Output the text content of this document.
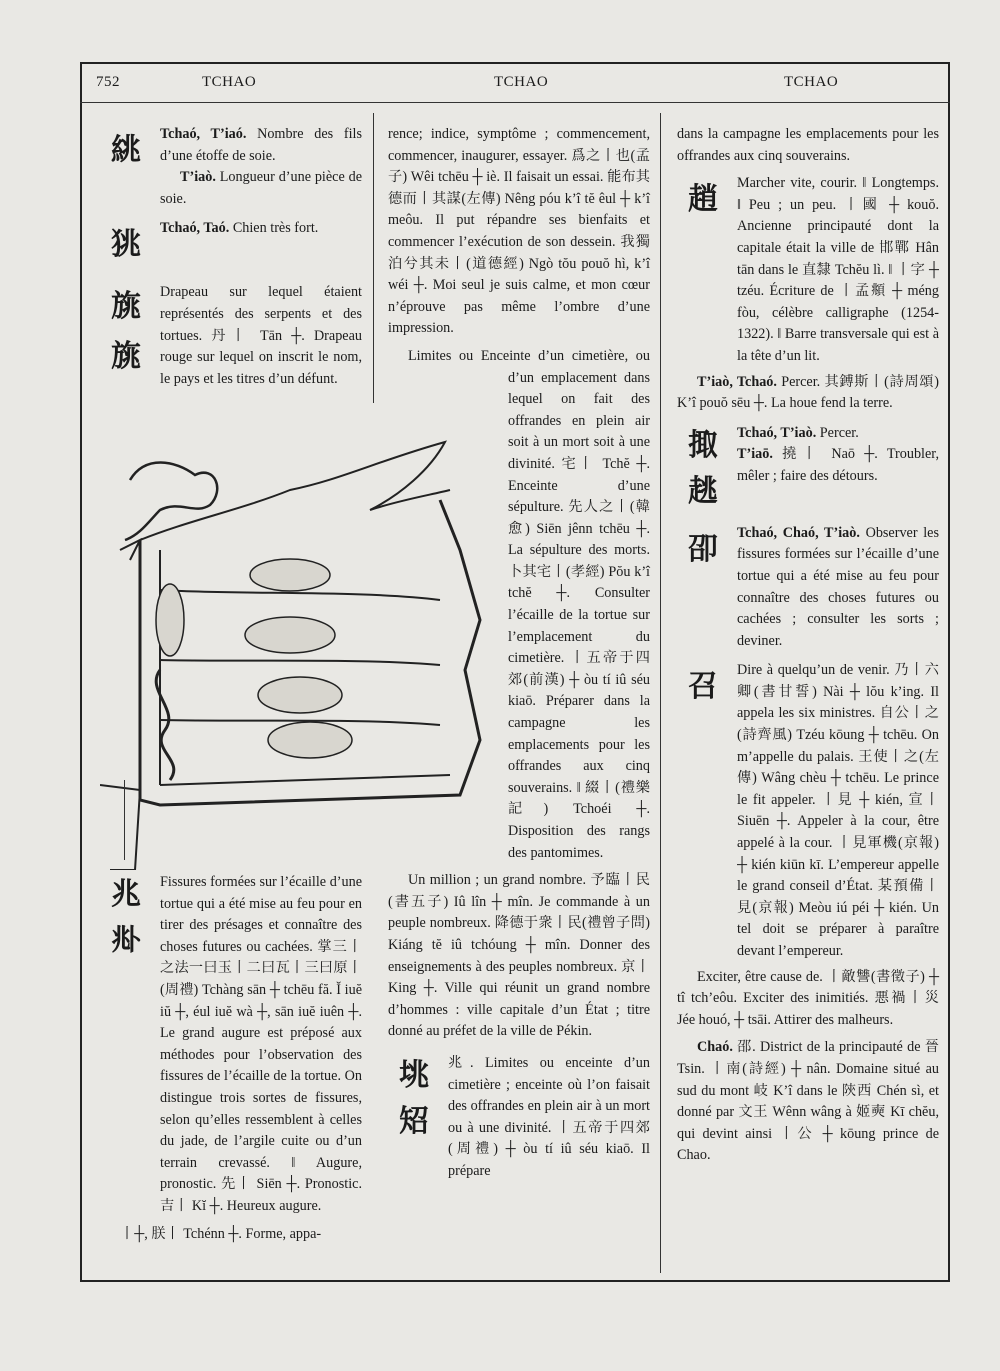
752	TCHAO	TCHAO	TCHAO
絩	Tchaó, T’iaó. Nombre des fils d’une étoffe de soie.
T’iaò. Longueur d’une pièce de soie.
狣	Tchaó, Taó. Chien très fort.
旐旐
Drapeau sur lequel étaient représentés des serpents et des tortues. 丹丨 Tān ┼. Drapeau rouge sur lequel on inscrit le nom, le pays et les titres d’un défunt.
兆𠧞
Fissures formées sur l’écaille d’une tortue qui a été mise au feu pour en tirer des présages et connaître des choses futures ou cachées. 掌三丨之法一曰玉丨二曰瓦丨三曰原丨(周禮) Tchàng sān ┼ tchēu fă. Ĭ iuĕ iŭ ┼, éul iuĕ wà ┼, sān iuĕ iuên ┼. Le grand augure est préposé aux méthodes pour l’observation des fissures de l’écaille de la tortue. On distingue trois sortes de fissures, selon qu’elles ressemblent à celles du jade, de l’argile cuite ou d’un terrain crevassé. ‖ Augure, pronostic. 先丨 Siēn ┼. Pronostic. 吉丨 Kĭ ┼. Heureux augure.
丨┼, 朕丨 Tchénn ┼. Forme, appa-

rence; indice, symptôme ; commencement, commencer, inaugurer, essayer. 爲之丨也(孟子) Wêi tchēu ┼ iè. Il faisait un essai. 能布其德而丨其謀(左傳) Nêng póu k’î tĕ êul ┼ k’î meôu. Il put répandre ses bienfaits et commencer l’exécution de son dessein. 我獨泊兮其未丨(道德經) Ngò tŏu pouŏ hì, k’î wéi ┼. Moi seul je suis calme, et mon cœur n’éprouve pas même l’ombre d’une impression.

Limites ou Enceinte d’un cimetière, ou d’un emplacement dans lequel on fait des offrandes en plein air soit à un mort soit à une divinité. 宅丨 Tchĕ ┼. Enceinte d’une sépulture. 先人之丨(韓愈) Siēn jênn tchēu ┼. La sépulture des morts. 卜其宅丨(孝經) Pŏu k’î tchĕ ┼. Consulter l’écaille de la tortue sur l’emplacement du cimetière. 丨五帝于四郊(前漢) ┼ òu tí iû séu kiaō. Préparer dans la campagne les emplacements pour les offrandes aux cinq souverains. ‖ 綴丨(禮樂記) Tchoéi ┼. Disposition des rangs des pantomimes.

Un million ; un grand nombre. 予臨丨民(書五子) Iû lîn ┼ mîn. Je commande à un peuple nombreux. 降德于衆丨民(禮曾子問) Kiáng tĕ iû tchóung ┼ mîn. Donner des enseignements à des peuples nombreux. 京丨 King ┼. Ville qui réunit un grand nombre d’hommes : ville capitale d’un État ; titre donné au préfet de la ville de Pékin.

垗䂏
兆. Limites ou enceinte d’un cimetière ; enceinte où l’on faisait des offrandes en plein air à un mort ou à une divinité. 丨五帝于四郊(周禮) ┼ òu tí iû séu kiaō. Il prépare

dans la campagne les emplacements pour les offrandes aux cinq souverains.

趙	Marcher vite, courir. ‖ Longtemps. ‖ Peu ; un peu. 丨國 ┼ kouŏ. Ancienne principauté dont la capitale était la ville de 邯鄲 Hân tān dans le 直隸 Tchĕu lì. ‖ 丨字 ┼ tzéu. Écriture de 丨孟頫 ┼ méng fòu, célèbre calligraphe (1254-1322). ‖ Barre transversale qui est à la tête d’un lit.

T’iaò, Tchaó. Percer. 其鎛斯丨(詩周頌) K’î pouŏ sēu ┼. La houe fend la terre.

掫趒
Tchaó, T’iaò. Percer.
T’iaō. 撓丨 Naō ┼. Troubler, mêler ; faire des détours.
卲	Tchaó, Chaó, T’iaò. Observer les fissures formées sur l’écaille d’une tortue qui a été mise au feu pour connaître des choses futures ou cachées ; consulter les sorts ; deviner.
召	Dire à quelqu’un de venir. 乃丨六卿(書甘誓) Nài ┼ lŏu k’ing. Il appela les six ministres. 自公丨之(詩齊風) Tzéu kōung ┼ tchēu. On m’appelle du palais. 王使丨之(左傳) Wâng chèu ┼ tchēu. Le prince le fit appeler. 丨見 ┼ kién, 宣丨 Siuēn ┼. Appeler à la cour, être appelé à la cour. 丨見軍機(京報) ┼ kién kiūn kī. L’empereur appelle le grand conseil d’État. 某預備丨見(京報) Meòu iú péi ┼ kién. Un tel doit se préparer à paraître devant l’empereur.

Exciter, être cause de. 丨敵讐(書徵子) ┼ tî tch’eôu. Exciter des inimitiés. 悪禍丨災 Jée houó, ┼ tsāi. Attirer des malheurs.

Chaó. 邵. District de la principauté de 晉 Tsin. 丨南(詩經) ┼ nân. Domaine situé au sud du mont 岐 K’î dans le 陝西 Chén sì, et donné par 文王 Wênn wâng à 姬奭 Kī chĕu, qui devint ainsi 丨公 ┼ kōung prince de Chao.
